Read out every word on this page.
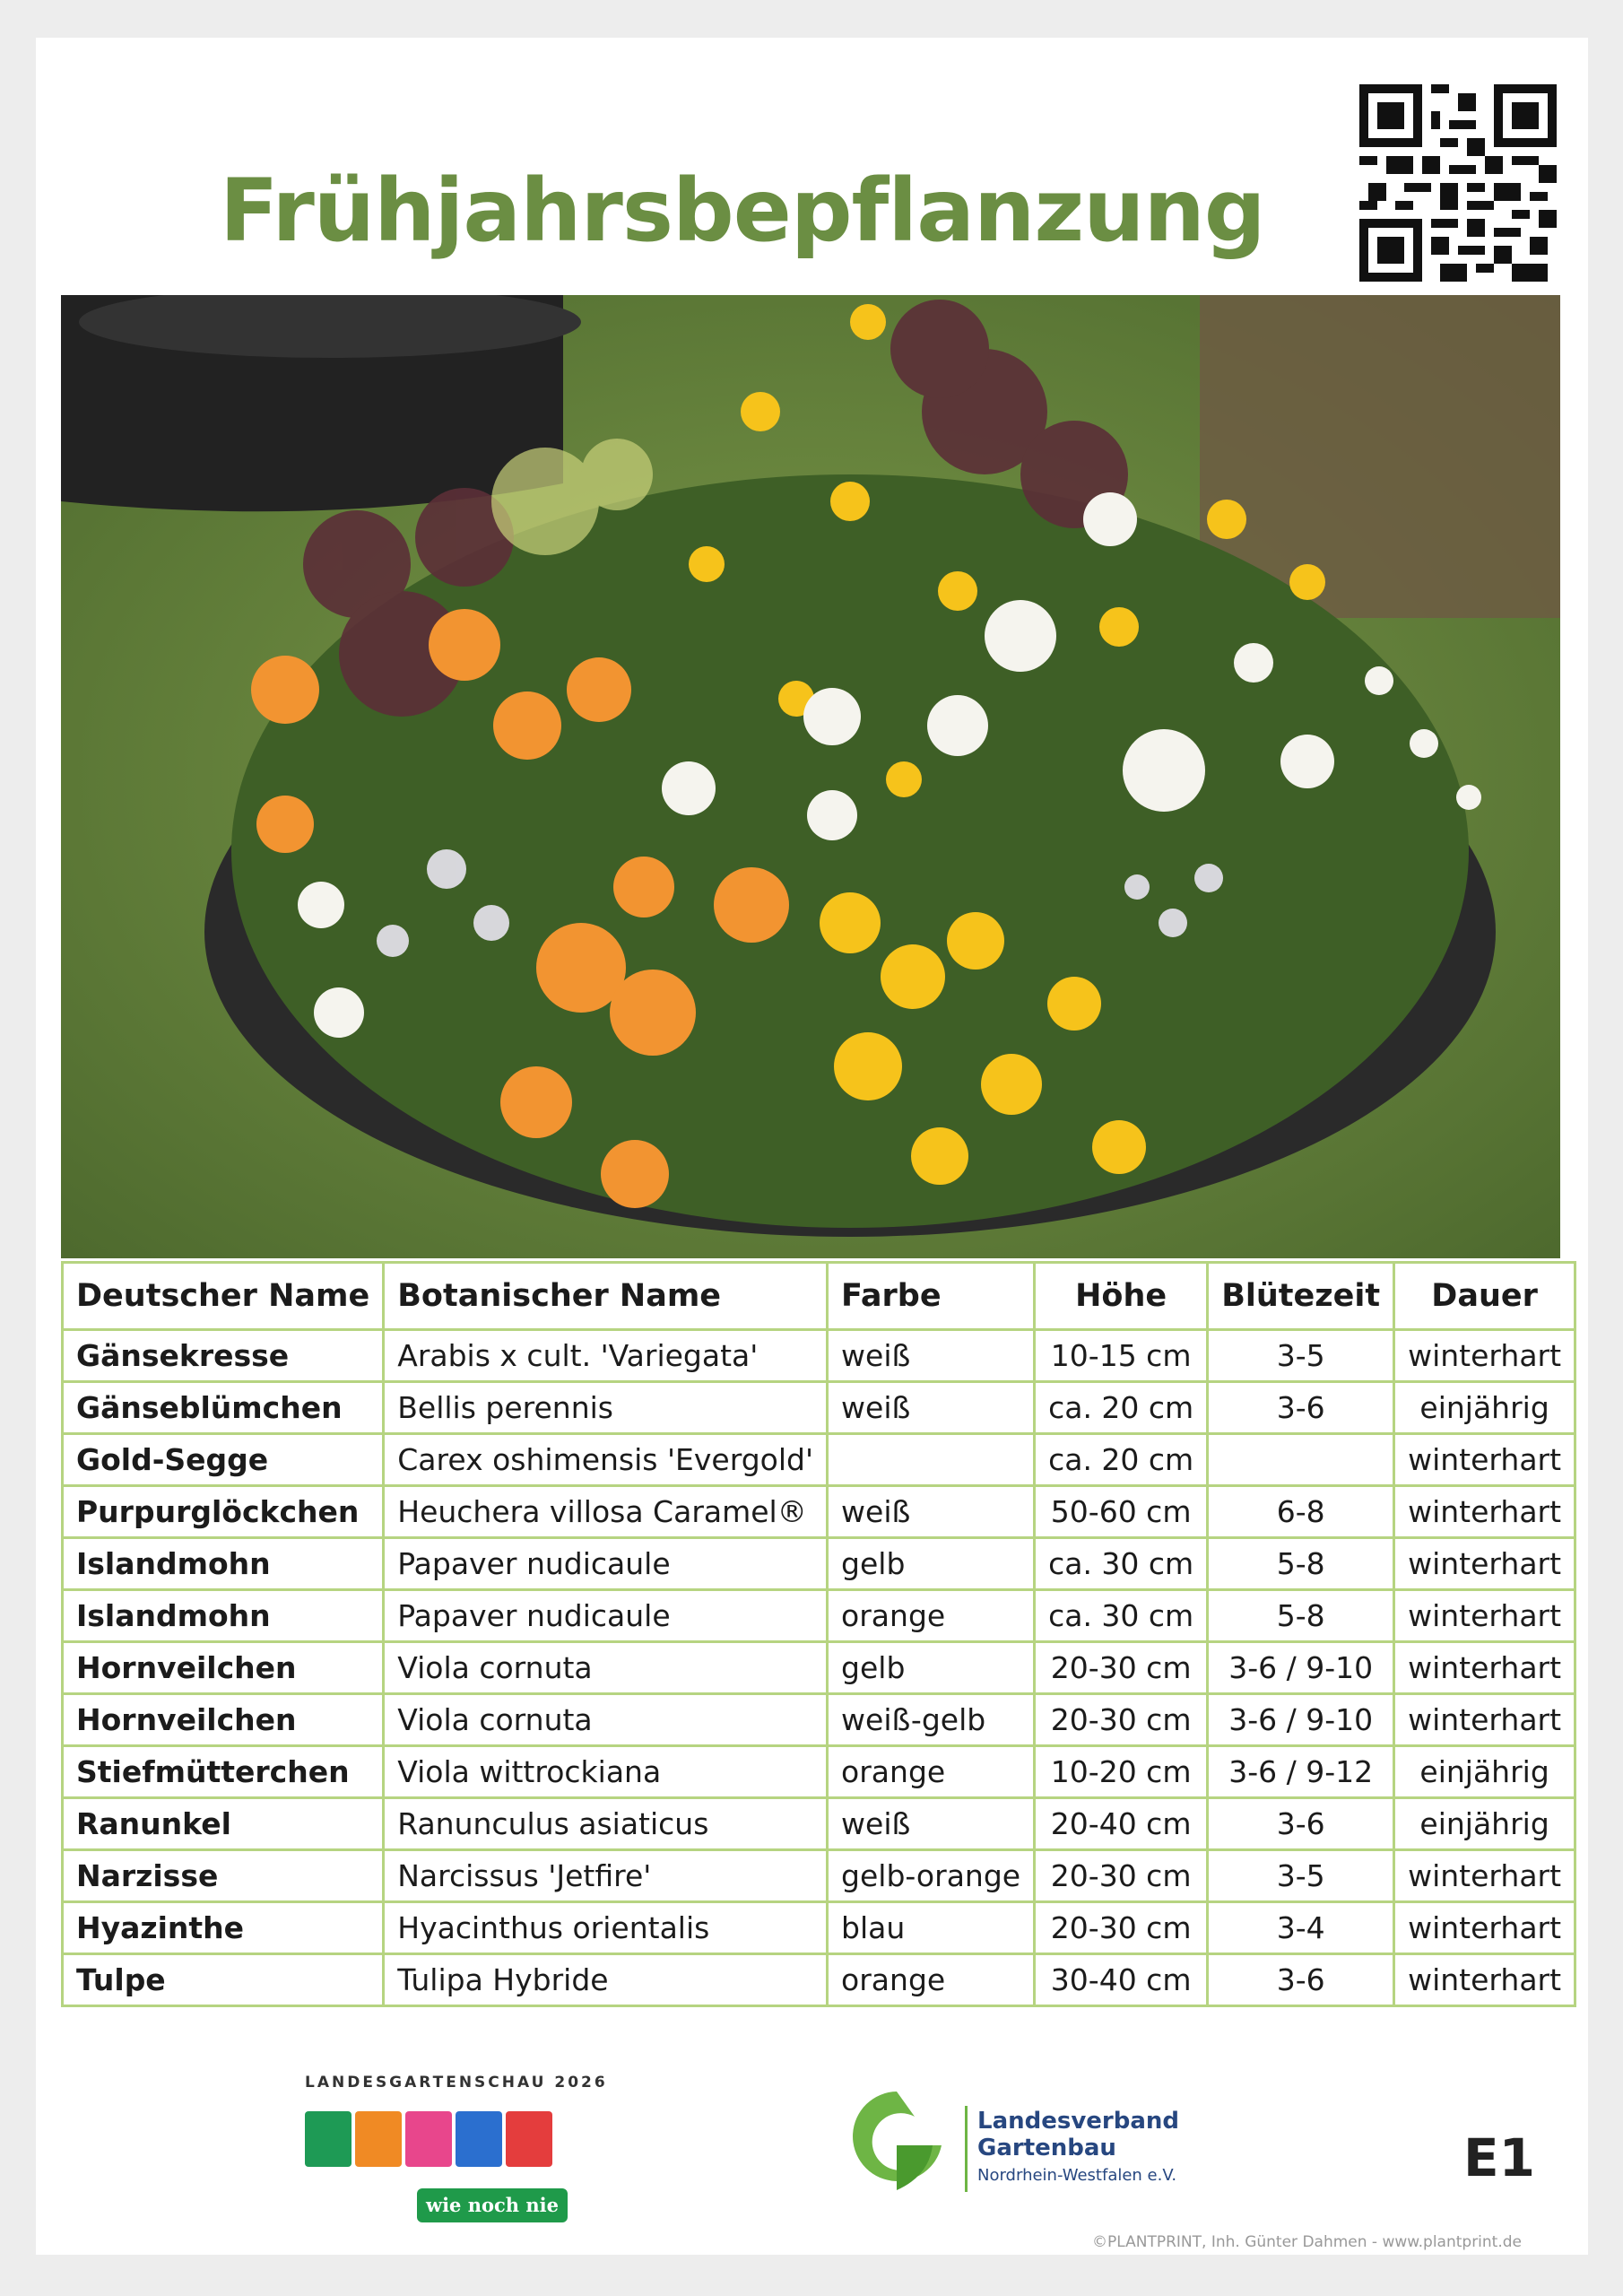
Frühjahrsbepflanzung
Deutscher Name	Botanischer Name	Farbe	Höhe	Blütezeit	Dauer
Gänsekresse	Arabis x cult. 'Variegata'	weiß	10-15 cm	3-5	winterhart
Gänseblümchen	Bellis perennis	weiß	ca. 20 cm	3-6	einjährig
Gold-Segge	Carex oshimensis 'Evergold'		ca. 20 cm		winterhart
Purpurglöckchen	Heuchera villosa Caramel®	weiß	50-60 cm	6-8	winterhart
Islandmohn	Papaver nudicaule	gelb	ca. 30 cm	5-8	winterhart
Islandmohn	Papaver nudicaule	orange	ca. 30 cm	5-8	winterhart
Hornveilchen	Viola cornuta	gelb	20-30 cm	3-6 / 9-10	winterhart
Hornveilchen	Viola cornuta	weiß-gelb	20-30 cm	3-6 / 9-10	winterhart
Stiefmütterchen	Viola wittrockiana	orange	10-20 cm	3-6 / 9-12	einjährig
Ranunkel	Ranunculus asiaticus	weiß	20-40 cm	3-6	einjährig
Narzisse	Narcissus 'Jetfire'	gelb-orange	20-30 cm	3-5	winterhart
Hyazinthe	Hyacinthus orientalis	blau	20-30 cm	3-4	winterhart
Tulpe	Tulipa Hybride	orange	30-40 cm	3-6	winterhart
LANDESGARTENSCHAU 2026
wie noch nie
Landesverband
Gartenbau
Nordrhein-Westfalen e.V.	E1
©PLANTPRINT, Inh. Günter Dahmen - www.plantprint.de
